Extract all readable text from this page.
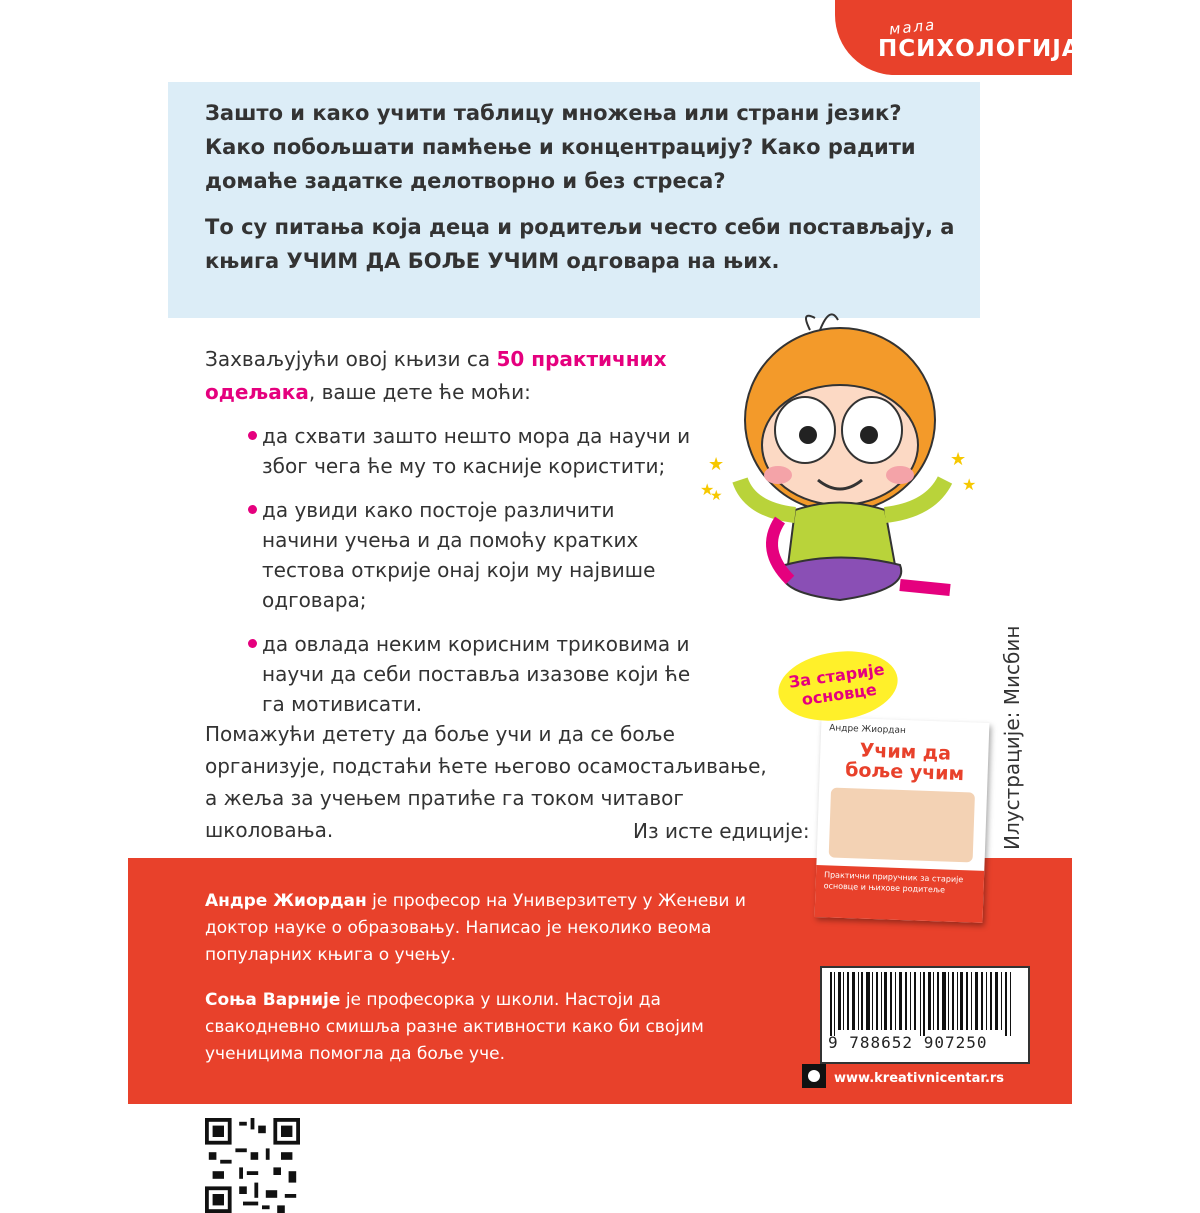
мала
ПСИХОЛОГИЈА

Зашто и како учити таблицу множења или страни језик? Како побољшати памћење и концентрацију? Како радити домаће задатке делотворно и без стреса?

То су питања која деца и родитељи често себи постављају, а књига УЧИМ ДА БОЉЕ УЧИМ одговара на њих.

Захваљујући овој књизи са 50 практичних одељака, ваше дете ће моћи:

да схвати зашто нешто мора да научи и због чега ће му то касније користити;
да увиди како постоје различити начини учења и да помоћу кратких тестова открије онај који му највише одговара;
да овлада неким корисним триковима и научи да себи поставља изазове који ће га мотивисати.
★
★
★
★
★

Помажући детету да боље учи и да се боље организује, подстаћи ћете његово осамостаљивање, а жеља за учењем пратиће га током читавог школовања.	Из исте едиције:	Илустрације: Мисбин

Андре Жиордан је професор на Универзитету у Женеви и доктор науке о образовању. Написао је неколико веома популарних књига о учењу.

Соња Варније је професорка у школи. Настоји да свакодневно смишља разне активности како би својим ученицима помогла да боље уче.

Андре Жиордан
Учим да боље учим
Практични приручник за старије основце и њихове родитеље
За старије основце
9 788652 907250
www.kreativnicentar.rs
